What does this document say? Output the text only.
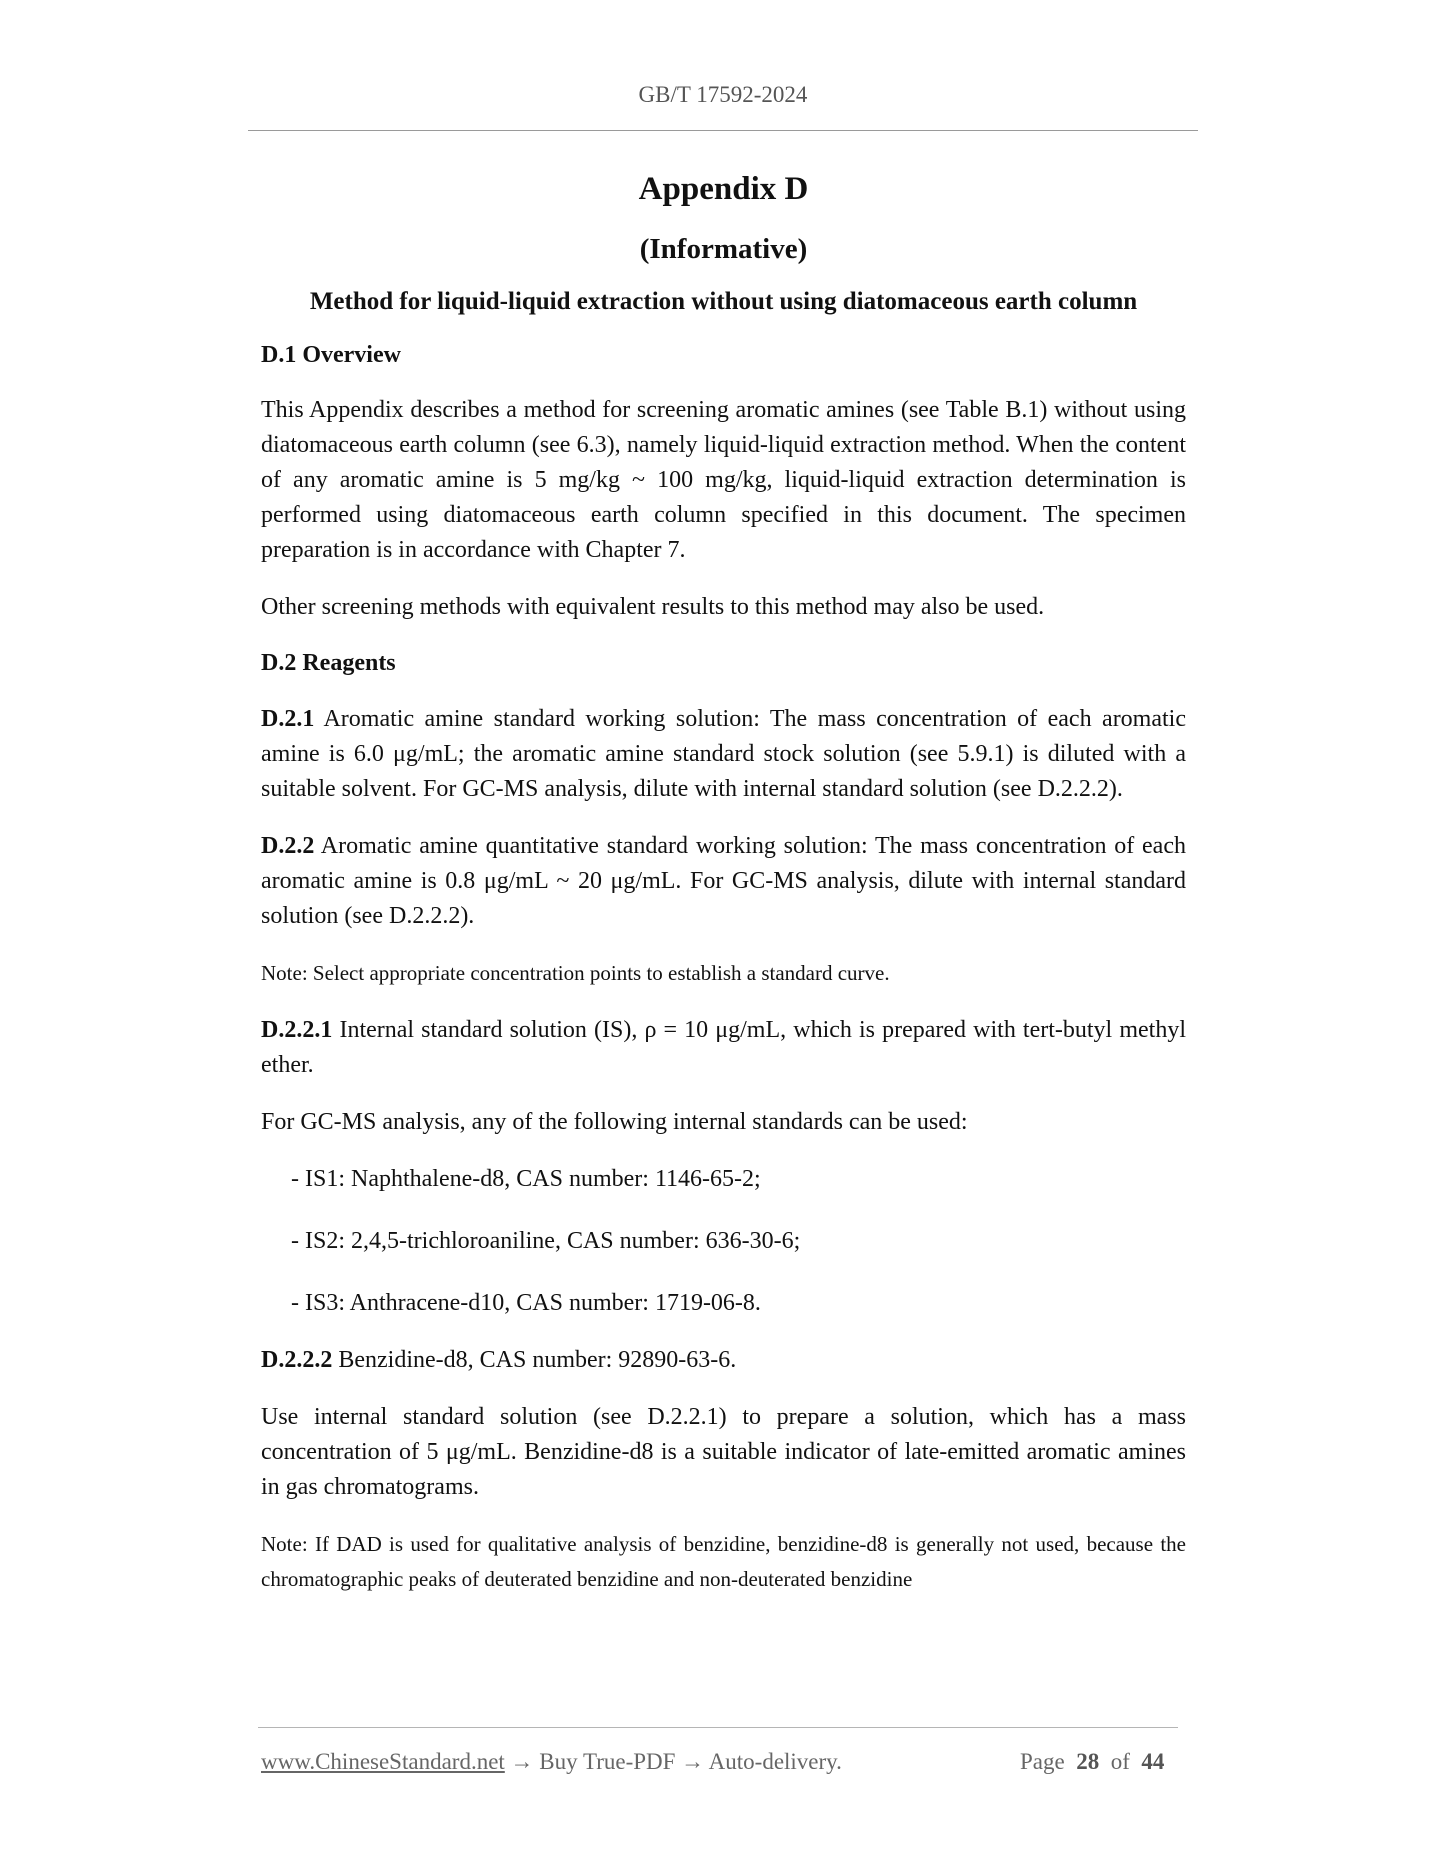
GB/T 17592-2024
Appendix D
(Informative)
Method for liquid-liquid extraction without using diatomaceous earth column
D.1 Overview

This Appendix describes a method for screening aromatic amines (see Table B.1) without using diatomaceous earth column (see 6.3), namely liquid-liquid extraction method. When the content of any aromatic amine is 5 mg/kg ~ 100 mg/kg, liquid-liquid extraction determination is performed using diatomaceous earth column specified in this document. The specimen preparation is in accordance with Chapter 7.

Other screening methods with equivalent results to this method may also be used.

D.2 Reagents

D.2.1 Aromatic amine standard working solution: The mass concentration of each aromatic amine is 6.0 μg/mL; the aromatic amine standard stock solution (see 5.9.1) is diluted with a suitable solvent. For GC-MS analysis, dilute with internal standard solution (see D.2.2.2).

D.2.2 Aromatic amine quantitative standard working solution: The mass concentration of each aromatic amine is 0.8 μg/mL ~ 20 μg/mL. For GC-MS analysis, dilute with internal standard solution (see D.2.2.2).

Note: Select appropriate concentration points to establish a standard curve.

D.2.2.1 Internal standard solution (IS), ρ = 10 μg/mL, which is prepared with tert-butyl methyl ether.

For GC-MS analysis, any of the following internal standards can be used:

- IS1: Naphthalene-d8, CAS number: 1146-65-2;

- IS2: 2,4,5-trichloroaniline, CAS number: 636-30-6;

- IS3: Anthracene-d10, CAS number: 1719-06-8.

D.2.2.2 Benzidine-d8, CAS number: 92890-63-6.

Use internal standard solution (see D.2.2.1) to prepare a solution, which has a mass concentration of 5 μg/mL. Benzidine-d8 is a suitable indicator of late-emitted aromatic amines in gas chromatograms.

Note: If DAD is used for qualitative analysis of benzidine, benzidine-d8 is generally not used, because the chromatographic peaks of deuterated benzidine and non-deuterated benzidine

www.ChineseStandard.net → Buy True-PDF → Auto-delivery.	Page 28 of 44
